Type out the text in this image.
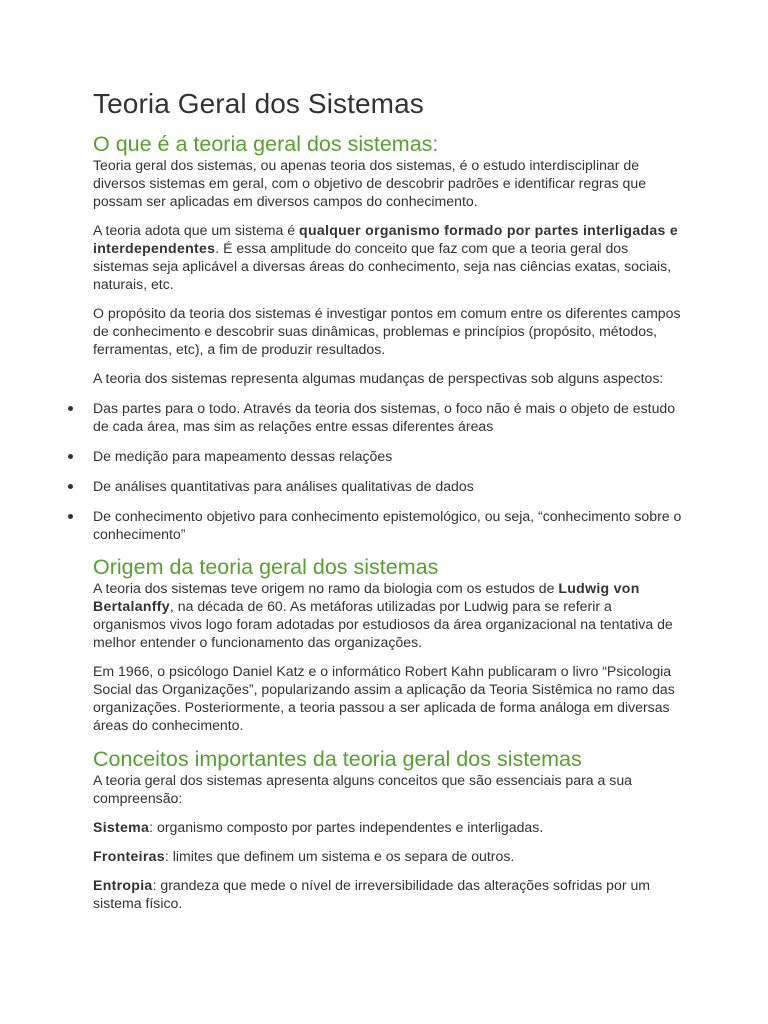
Teoria Geral dos Sistemas
O que é a teoria geral dos sistemas:

Teoria geral dos sistemas, ou apenas teoria dos sistemas, é o estudo interdisciplinar de diversos sistemas em geral, com o objetivo de descobrir padrões e identificar regras que possam ser aplicadas em diversos campos do conhecimento.

A teoria adota que um sistema é qualquer organismo formado por partes interligadas e interdependentes. É essa amplitude do conceito que faz com que a teoria geral dos sistemas seja aplicável a diversas áreas do conhecimento, seja nas ciências exatas, sociais, naturais, etc.

O propósito da teoria dos sistemas é investigar pontos em comum entre os diferentes campos de conhecimento e descobrir suas dinâmicas, problemas e princípios (propósito, métodos, ferramentas, etc), a fim de produzir resultados.

A teoria dos sistemas representa algumas mudanças de perspectivas sob alguns aspectos:

Das partes para o todo. Através da teoria dos sistemas, o foco não é mais o objeto de estudo de cada área, mas sim as relações entre essas diferentes áreas
De medição para mapeamento dessas relações
De análises quantitativas para análises qualitativas de dados
De conhecimento objetivo para conhecimento epistemológico, ou seja, “conhecimento sobre o conhecimento”
Origem da teoria geral dos sistemas

A teoria dos sistemas teve origem no ramo da biologia com os estudos de Ludwig von Bertalanffy, na década de 60. As metáforas utilizadas por Ludwig para se referir a organismos vivos logo foram adotadas por estudiosos da área organizacional na tentativa de melhor entender o funcionamento das organizações.

Em 1966, o psicólogo Daniel Katz e o informático Robert Kahn publicaram o livro “Psicologia Social das Organizações”, popularizando assim a aplicação da Teoria Sistêmica no ramo das organizações. Posteriormente, a teoria passou a ser aplicada de forma análoga em diversas áreas do conhecimento.

Conceitos importantes da teoria geral dos sistemas

A teoria geral dos sistemas apresenta alguns conceitos que são essenciais para a sua compreensão:

Sistema: organismo composto por partes independentes e interligadas.

Fronteiras: limites que definem um sistema e os separa de outros.

Entropia: grandeza que mede o nível de irreversibilidade das alterações sofridas por um sistema físico.
